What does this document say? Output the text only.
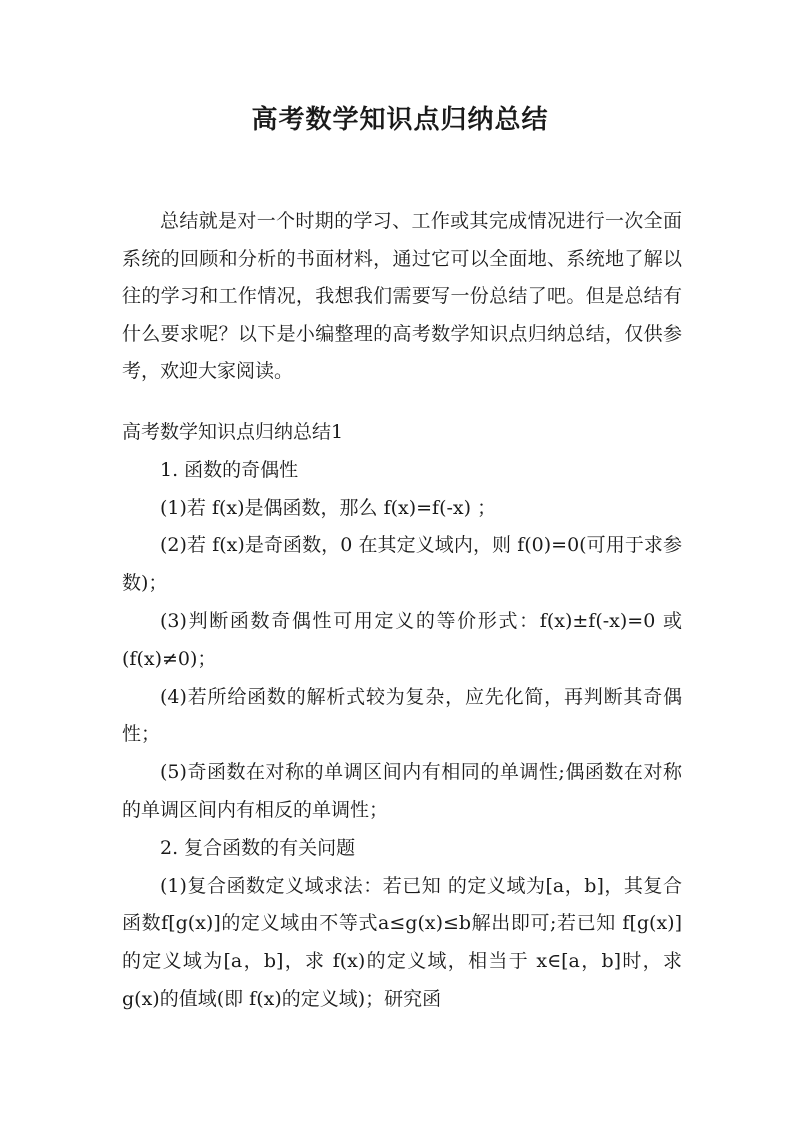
高考数学知识点归纳总结

总结就是对一个时期的学习、工作或其完成情况进行一次全面系统的回顾和分析的书面材料，通过它可以全面地、系统地了解以往的学习和工作情况，我想我们需要写一份总结了吧。但是总结有什么要求呢？以下是小编整理的高考数学知识点归纳总结，仅供参考，欢迎大家阅读。

高考数学知识点归纳总结1

1. 函数的奇偶性

(1)若 f(x)是偶函数，那么 f(x)=f(-x) ；

(2)若 f(x)是奇函数，0 在其定义域内，则 f(0)=0(可用于求参数)；

(3)判断函数奇偶性可用定义的等价形式：f(x)±f(-x)=0 或 (f(x)≠0)；

(4)若所给函数的解析式较为复杂，应先化简，再判断其奇偶性；

(5)奇函数在对称的单调区间内有相同的单调性;偶函数在对称的单调区间内有相反的单调性；

2. 复合函数的有关问题

(1)复合函数定义域求法：若已知 的定义域为[a，b]，其复合函数f[g(x)]的定义域由不等式a≤g(x)≤b解出即可;若已知 f[g(x)]的定义域为[a，b]，求 f(x)的定义域，相当于 x∈[a，b]时，求 g(x)的值域(即 f(x)的定义域)；研究函
